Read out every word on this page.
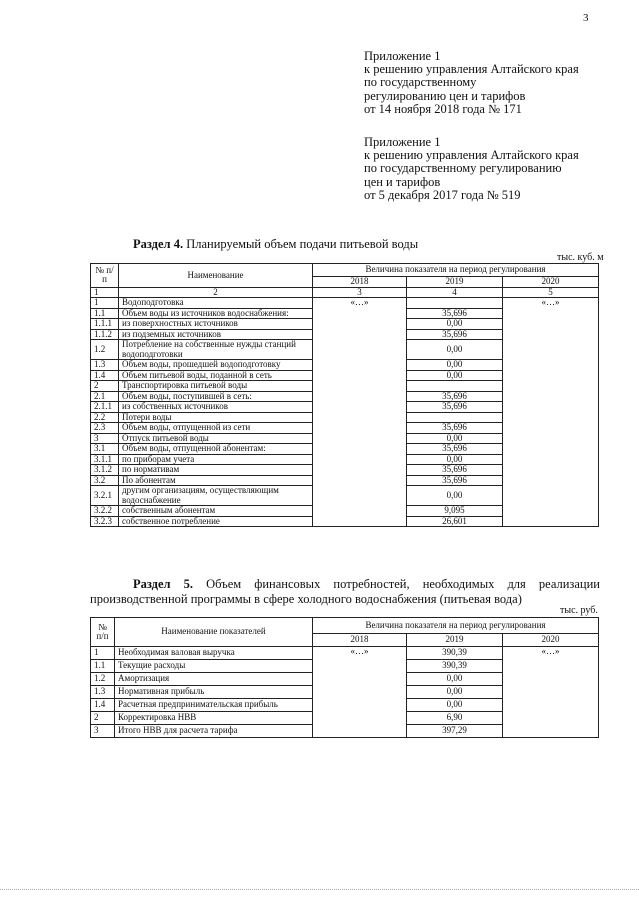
3
Приложение 1
к решению управления Алтайского края
по государственному
регулированию цен и тарифов
от 14 ноября 2018 года № 171
Приложение 1
к решению управления Алтайского края
по государственному регулированию
цен и тарифов
от 5 декабря 2017 года № 519
Раздел 4. Планируемый объем подачи питьевой воды
тыс. куб. м
№ п/п	Наименование	Величина показателя на период регулирования		
		2018	2019	2020
1	2	3	4	5
1	Водоподготовка	«…»		«…»
1.1	Объем воды из источников водоснабжения:		35,696	
1.1.1	из поверхностных источников		0,00	
1.1.2	из подземных источников		35,696	
1.2	Потребление на собственные нужды станций водоподготовки		0,00	
1.3	Объем воды, прошедшей водоподготовку		0,00	
1.4	Объем питьевой воды, поданной в сеть		0,00	
2	Транспортировка питьевой воды			
2.1	Объем воды, поступившей в сеть:		35,696	
2.1.1	из собственных источников		35,696	
2.2	Потери воды			
2.3	Объем воды, отпущенной из сети		35,696	
3	Отпуск питьевой воды		0,00	
3.1	Объем воды, отпущенной абонентам:		35,696	
3.1.1	по приборам учета		0,00	
3.1.2	по нормативам		35,696	
3.2	По абонентам		35,696	
3.2.1	другим организациям, осуществляющим водоснабжение		0,00	
3.2.2	собственным абонентам		9,095	
3.2.3	собственное потребление		26,601	
Раздел 5. Объем финансовых потребностей, необходимых для реализации производственной программы в сфере холодного водоснабжения (питьевая вода)
тыс. руб.
№ п/п	Наименование показателей	Величина показателя на период регулирования		
		2018	2019	2020
1	Необходимая валовая выручка	«…»	390,39	«…»
1.1	Текущие расходы		390,39	
1.2	Амортизация		0,00	
1.3	Нормативная прибыль		0,00	
1.4	Расчетная предпринимательская прибыль		0,00	
2	Корректировка НВВ		6,90	
3	Итого НВВ для расчета тарифа		397,29	
